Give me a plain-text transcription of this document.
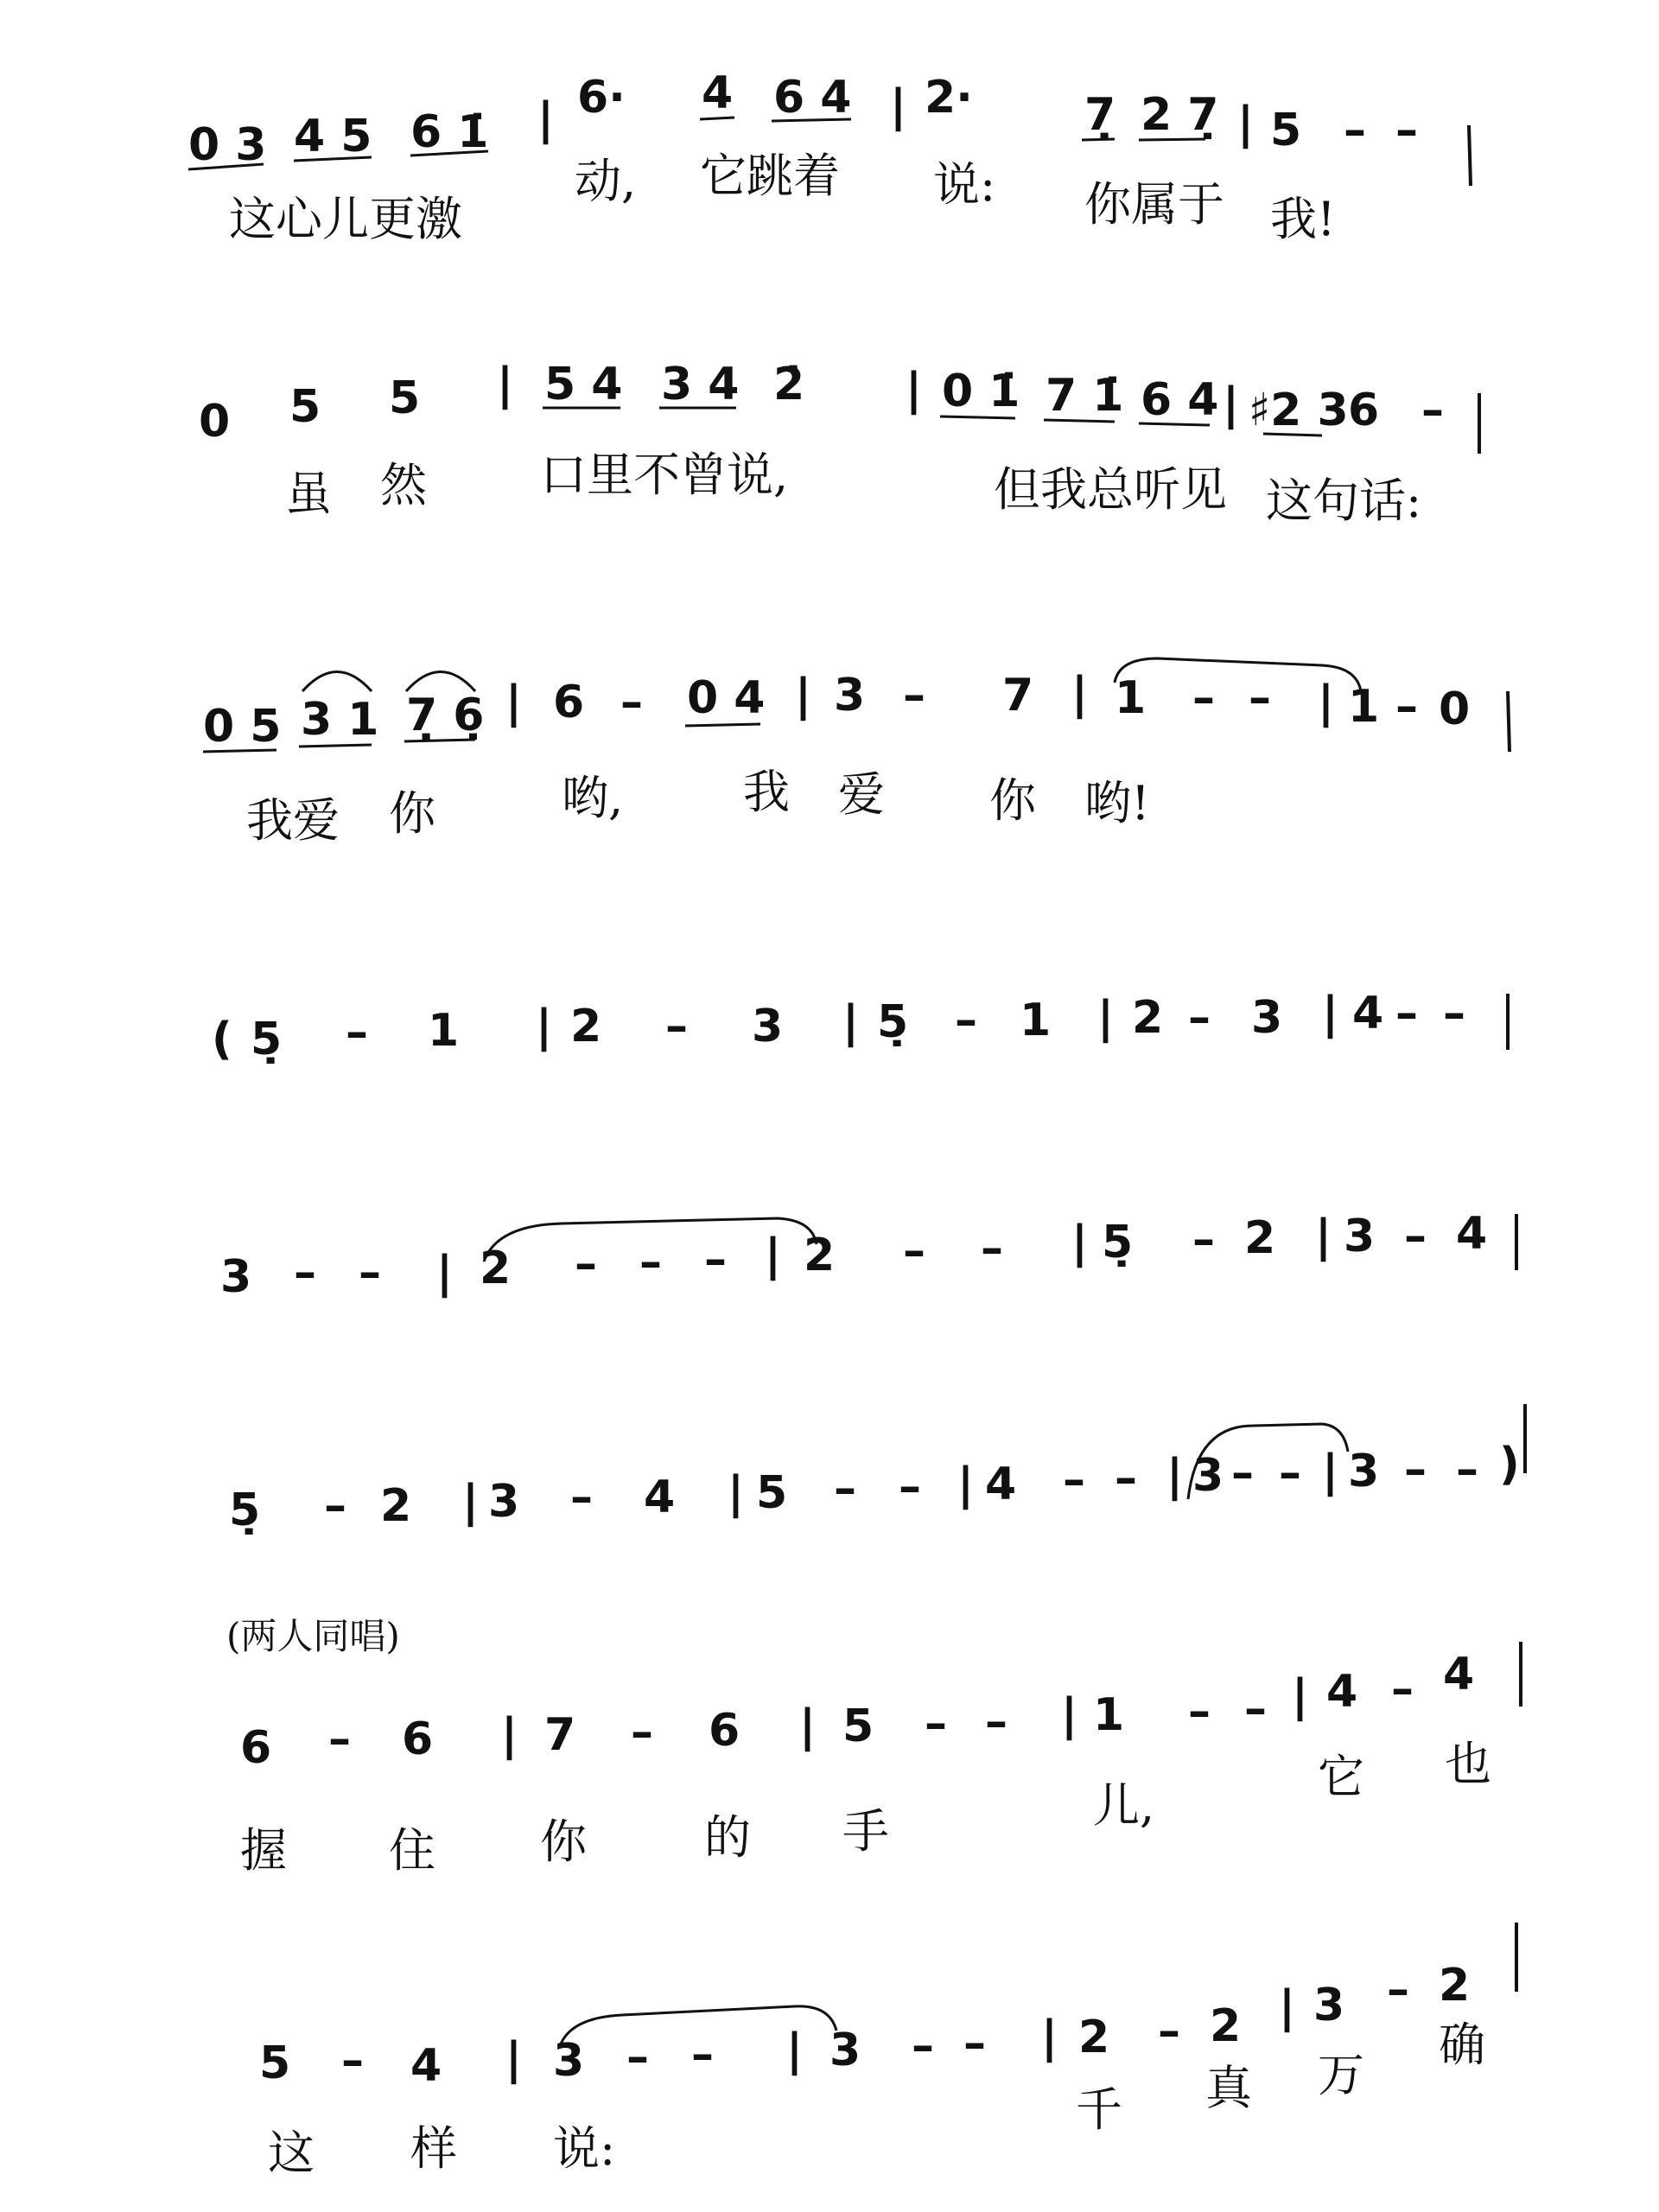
0 3 4 5 6 1̇ | 6· 4 6 4 | 2· 7̣ 2 7̣ | 5 – –
这心儿更激
动, 它跳着 说: 你属于 我!
0 5 5 | 5 4 3 4 2̇ | 0 1̇ 7 1̇ 6 4 | ♯2 3 6 –
虽 然 口里不曾说,	但我总听见 这句话:
0 5 3 1 7̣ 6̣ | 6 – 0 4 | 3 – 7 | 1 – – | 1 – 0
我爱 你	哟,	我 爱 你 哟!
( 5̣ – 1 | 2 – 3 | 5̣ – 1 | 2 – 3 | 4 – –
3 – – | 2 – – – | 2 – – | 5̣ – 2 | 3 – 4
5̣ – 2 | 3 – 4 | 5 – – | 4 – – | 3 – – | 3 – – )
(两人同唱)
6 – 6 | 7 – 6 | 5 – – | 1 – – | 4 – 4
握 住 你	的 手	儿,
它 也
5 – 4 | 3 – – | 3 – – | 2 – 2 | 3 – 2
这 样 说:
千 真 万
确
